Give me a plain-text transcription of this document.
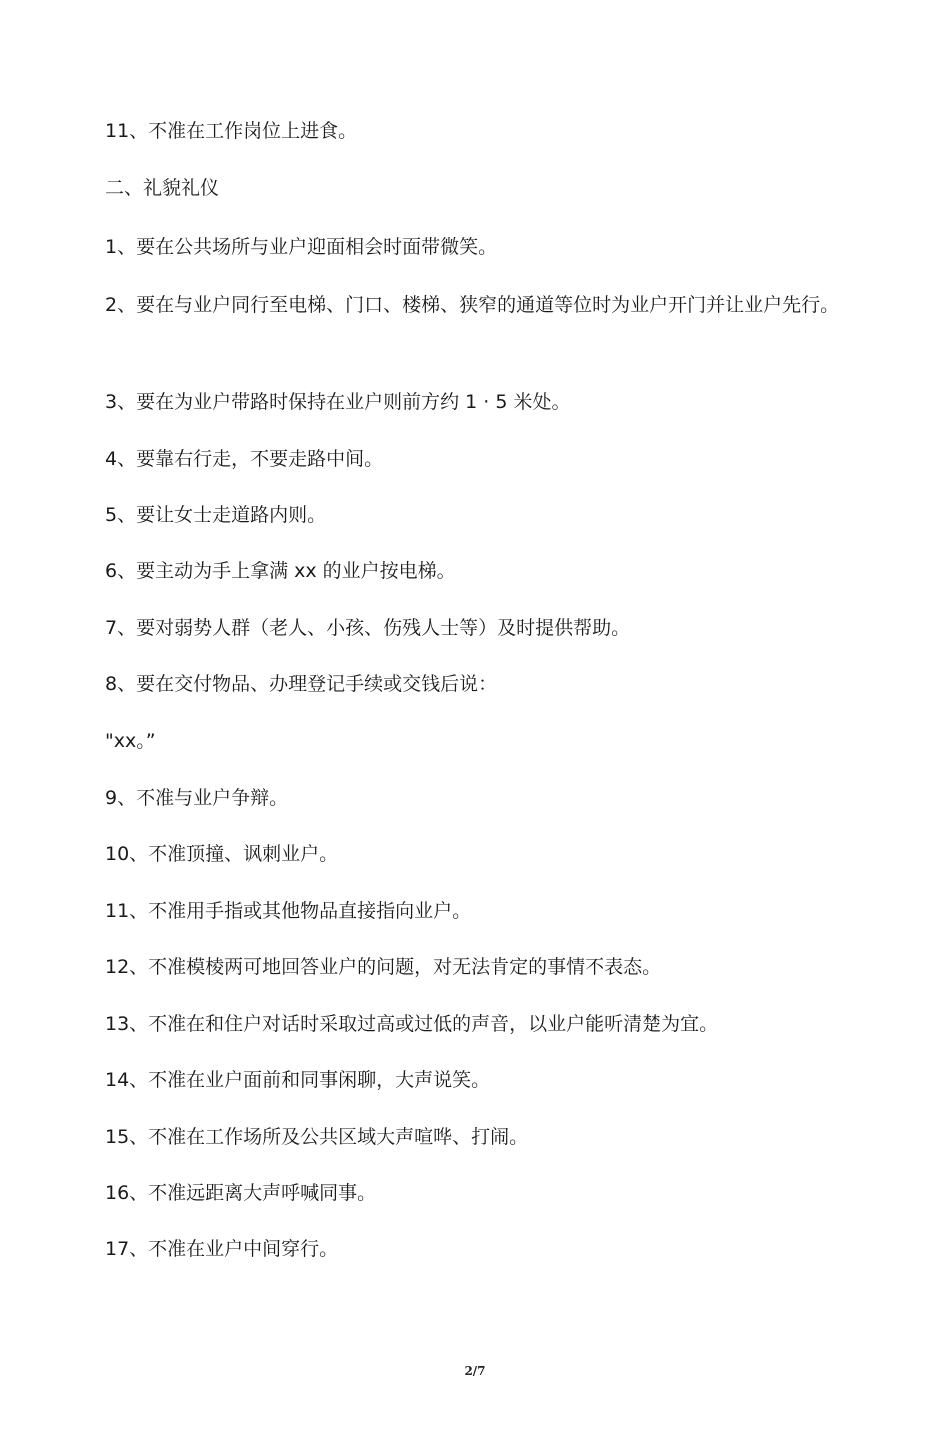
11、不准在工作岗位上进食。

二、礼貌礼仪

1、要在公共场所与业户迎面相会时面带微笑。

2、要在与业户同行至电梯、门口、楼梯、狭窄的通道等位时为业户开门并让业户先行。

3、要在为业户带路时保持在业户则前方约 1 · 5 米处。

4、要靠右行走，不要走路中间。

5、要让女士走道路内则。

6、要主动为手上拿满 xx 的业户按电梯。

7、要对弱势人群（老人、小孩、伤残人士等）及时提供帮助。

8、要在交付物品、办理登记手续或交钱后说：

"xx。”

9、不准与业户争辩。

10、不准顶撞、讽刺业户。

11、不准用手指或其他物品直接指向业户。

12、不准模棱两可地回答业户的问题，对无法肯定的事情不表态。

13、不准在和住户对话时采取过高或过低的声音，以业户能听清楚为宜。

14、不准在业户面前和同事闲聊，大声说笑。

15、不准在工作场所及公共区域大声喧哗、打闹。

16、不准远距离大声呼喊同事。

17、不准在业户中间穿行。

2/7
